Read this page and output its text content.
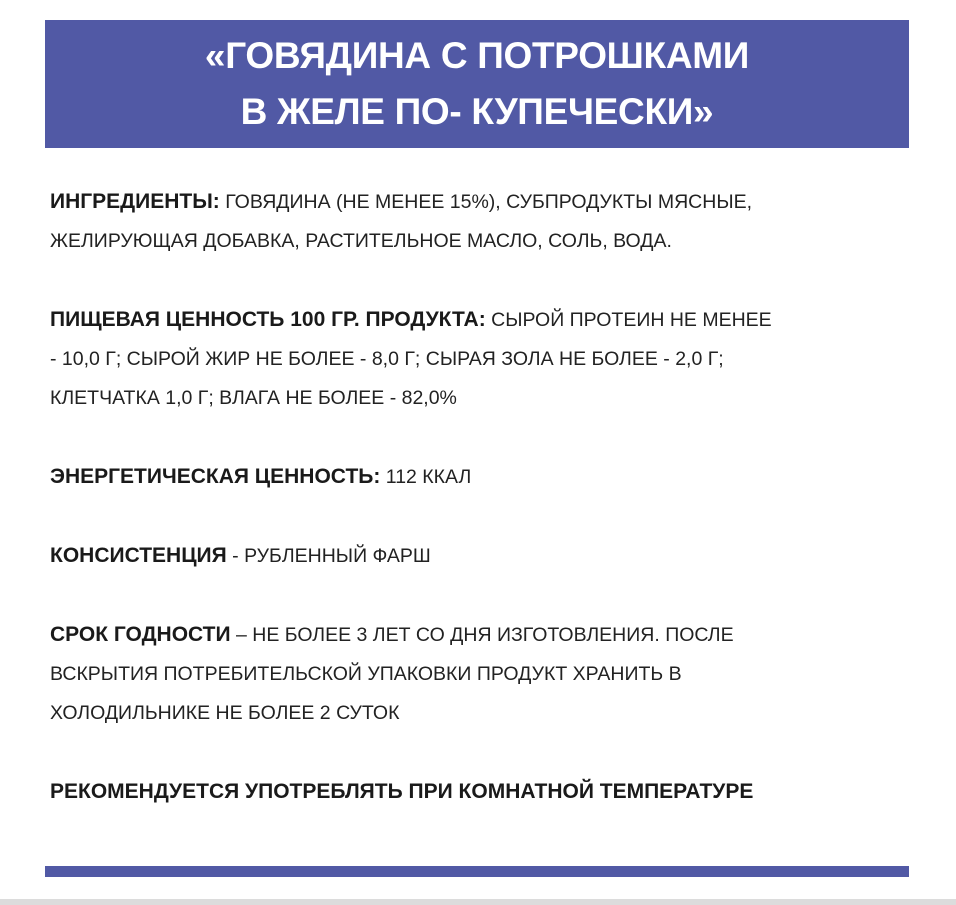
«ГОВЯДИНА С ПОТРОШКАМИ
В ЖЕЛЕ ПО- КУПЕЧЕСКИ»

ИНГРЕДИЕНТЫ: ГОВЯДИНА (НЕ МЕНЕЕ 15%), СУБПРОДУКТЫ МЯСНЫЕ,
ЖЕЛИРУЮЩАЯ ДОБАВКА, РАСТИТЕЛЬНОЕ МАСЛО, СОЛЬ, ВОДА.

ПИЩЕВАЯ ЦЕННОСТЬ 100 ГР. ПРОДУКТА: СЫРОЙ ПРОТЕИН НЕ МЕНЕЕ
- 10,0 Г; СЫРОЙ ЖИР НЕ БОЛЕЕ - 8,0 Г; СЫРАЯ ЗОЛА НЕ БОЛЕЕ - 2,0 Г;
КЛЕТЧАТКА 1,0 Г; ВЛАГА НЕ БОЛЕЕ - 82,0%

ЭНЕРГЕТИЧЕСКАЯ ЦЕННОСТЬ: 112 ККАЛ

КОНСИСТЕНЦИЯ - РУБЛЕННЫЙ ФАРШ

СРОК ГОДНОСТИ – НЕ БОЛЕЕ 3 ЛЕТ СО ДНЯ ИЗГОТОВЛЕНИЯ. ПОСЛЕ
ВСКРЫТИЯ ПОТРЕБИТЕЛЬСКОЙ УПАКОВКИ ПРОДУКТ ХРАНИТЬ В
ХОЛОДИЛЬНИКЕ НЕ БОЛЕЕ 2 СУТОК

РЕКОМЕНДУЕТСЯ УПОТРЕБЛЯТЬ ПРИ КОМНАТНОЙ ТЕМПЕРАТУРЕ
